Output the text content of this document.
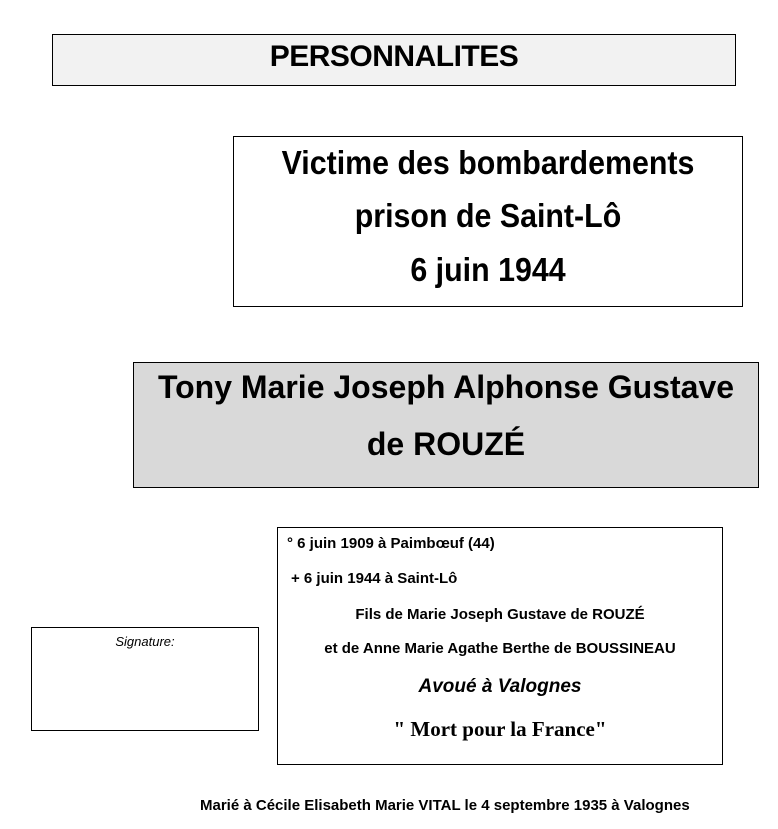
PERSONNALITES
Victime des bombardements
prison de Saint-Lô
6 juin 1944
Tony Marie Joseph Alphonse Gustave
de ROUZÉ
Signature:
° 6 juin 1909 à Paimbœuf (44)
+ 6 juin 1944 à Saint-Lô
Fils de Marie Joseph Gustave de ROUZÉ
et de Anne Marie Agathe Berthe de BOUSSINEAU
Avoué à Valognes
" Mort pour la France"
Marié à Cécile Elisabeth Marie VITAL le 4 septembre 1935 à Valognes
